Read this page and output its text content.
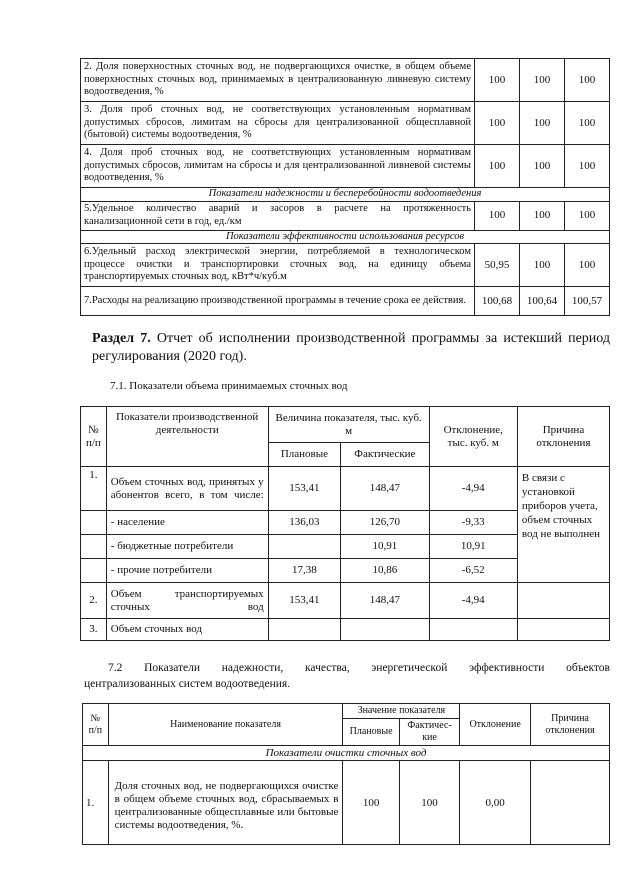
2. Доля поверхностных сточных вод, не подвергающихся очистке, в общем объеме поверхностных сточных вод, принимаемых в централизованную ливневую систему водоотведения, %	100	100	100
3. Доля проб сточных вод, не соответствующих установленным нормативам допустимых сбросов, лимитам на сбросы для централизованной общесплавной (бытовой) системы водоотведения, %	100	100	100
4. Доля проб сточных вод, не соответствующих установленным нормативам допустимых сбросов, лимитам на сбросы и для централизованной ливневой системы водоотведения, %	100	100	100
Показатели надежности и бесперебойности водоотведения			
5.Удельное количество аварий и засоров в расчете на протяженность канализационной сети в год, ед./км	100	100	100
Показатели эффективности использования ресурсов			
6.Удельный расход электрической энергии, потребляемой в технологическом процессе очистки и транспортировки сточных вод, на единицу объема транспортируемых сточных вод, кВт*ч/куб.м	50,95	100	100
7.Расходы на реализацию производственной программы в течение срока ее действия.	100,68	100,64	100,57
Раздел 7. Отчет об исполнении производственной программы за истекший период регулирования (2020 год).
7.1. Показатели объема принимаемых сточных вод
№ п/п	Показатели производственной деятельности	Величина показателя, тыс. куб. м		Отклонение, тыс. куб. м	Причина отклонения
		Плановые	Фактические		
1.	Объем сточных вод, принятых у абонентов всего, в том числе:	153,41	148,47	-4,94	В связи с установкой приборов учета, объем сточных вод не выполнен
	- население	136,03	126,70	-9,33	
	- бюджетные потребители		10,91	10,91	
	- прочие потребители	17,38	10,86	-6,52	
2.	Объем транспортируемых сточных вод	153,41	148,47	-4,94	
3.	Объем сточных вод				
7.2 Показатели надежности, качества, энергетической эффективности объектов
централизованных систем водоотведения.
№ п/п	Наименование показателя	Значение показателя		Отклонение	Причина отклонения
		Плановые	Фактичес-кие		
Показатели очистки сточных вод					
1.	Доля сточных вод, не подвергающихся очистке в общем объеме сточных вод, сбрасываемых в централизованные общесплавные или бытовые системы водоотведения, %.	100	100	0,00	
